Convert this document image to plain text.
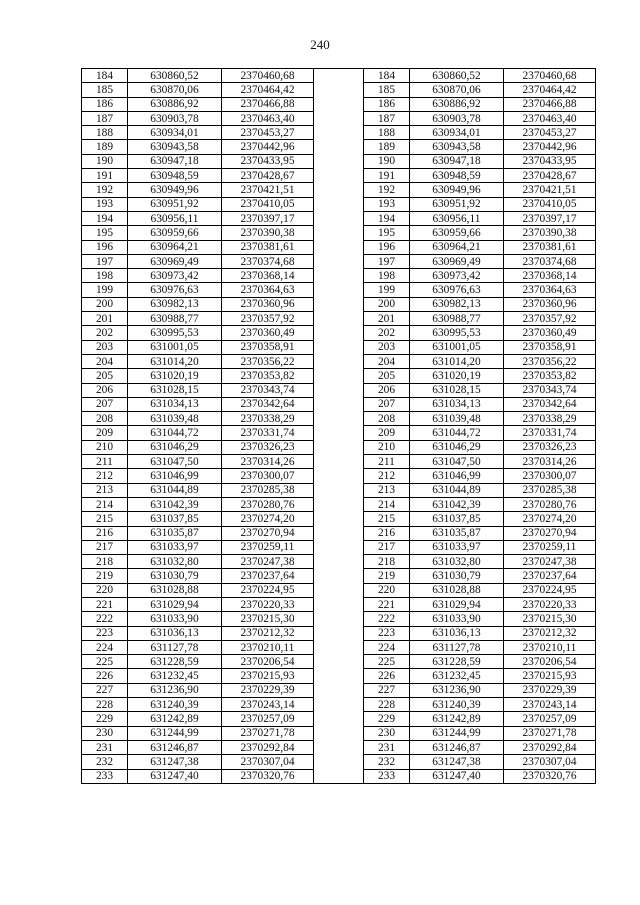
240
184	630860,52	2370460,68		184	630860,52	2370460,68
185	630870,06	2370464,42		185	630870,06	2370464,42
186	630886,92	2370466,88		186	630886,92	2370466,88
187	630903,78	2370463,40		187	630903,78	2370463,40
188	630934,01	2370453,27		188	630934,01	2370453,27
189	630943,58	2370442,96		189	630943,58	2370442,96
190	630947,18	2370433,95		190	630947,18	2370433,95
191	630948,59	2370428,67		191	630948,59	2370428,67
192	630949,96	2370421,51		192	630949,96	2370421,51
193	630951,92	2370410,05		193	630951,92	2370410,05
194	630956,11	2370397,17		194	630956,11	2370397,17
195	630959,66	2370390,38		195	630959,66	2370390,38
196	630964,21	2370381,61		196	630964,21	2370381,61
197	630969,49	2370374,68		197	630969,49	2370374,68
198	630973,42	2370368,14		198	630973,42	2370368,14
199	630976,63	2370364,63		199	630976,63	2370364,63
200	630982,13	2370360,96		200	630982,13	2370360,96
201	630988,77	2370357,92		201	630988,77	2370357,92
202	630995,53	2370360,49		202	630995,53	2370360,49
203	631001,05	2370358,91		203	631001,05	2370358,91
204	631014,20	2370356,22		204	631014,20	2370356,22
205	631020,19	2370353,82		205	631020,19	2370353,82
206	631028,15	2370343,74		206	631028,15	2370343,74
207	631034,13	2370342,64		207	631034,13	2370342,64
208	631039,48	2370338,29		208	631039,48	2370338,29
209	631044,72	2370331,74		209	631044,72	2370331,74
210	631046,29	2370326,23		210	631046,29	2370326,23
211	631047,50	2370314,26		211	631047,50	2370314,26
212	631046,99	2370300,07		212	631046,99	2370300,07
213	631044,89	2370285,38		213	631044,89	2370285,38
214	631042,39	2370280,76		214	631042,39	2370280,76
215	631037,85	2370274,20		215	631037,85	2370274,20
216	631035,87	2370270,94		216	631035,87	2370270,94
217	631033,97	2370259,11		217	631033,97	2370259,11
218	631032,80	2370247,38		218	631032,80	2370247,38
219	631030,79	2370237,64		219	631030,79	2370237,64
220	631028,88	2370224,95		220	631028,88	2370224,95
221	631029,94	2370220,33		221	631029,94	2370220,33
222	631033,90	2370215,30		222	631033,90	2370215,30
223	631036,13	2370212,32		223	631036,13	2370212,32
224	631127,78	2370210,11		224	631127,78	2370210,11
225	631228,59	2370206,54		225	631228,59	2370206,54
226	631232,45	2370215,93		226	631232,45	2370215,93
227	631236,90	2370229,39		227	631236,90	2370229,39
228	631240,39	2370243,14		228	631240,39	2370243,14
229	631242,89	2370257,09		229	631242,89	2370257,09
230	631244,99	2370271,78		230	631244,99	2370271,78
231	631246,87	2370292,84		231	631246,87	2370292,84
232	631247,38	2370307,04		232	631247,38	2370307,04
233	631247,40	2370320,76		233	631247,40	2370320,76
